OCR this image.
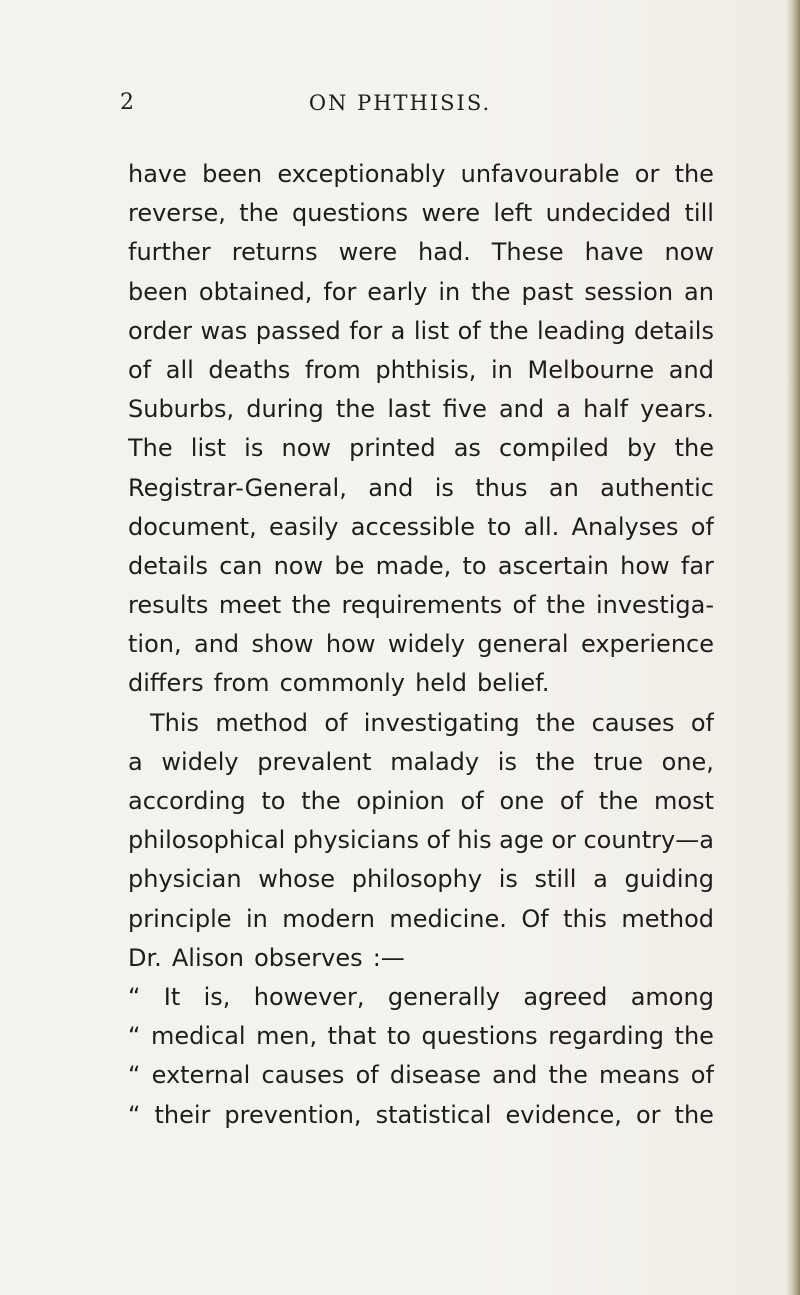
2	ON PHTHISIS.
have been exceptionably unfavourable or the
reverse, the questions were left undecided till
further returns were had. These have now
been obtained, for early in the past session an
order was passed for a list of the leading details
of all deaths from phthisis, in Melbourne and
Suburbs, during the last five and a half years.
The list is now printed as compiled by the
Registrar-General, and is thus an authentic
document, easily accessible to all. Analyses of
details can now be made, to ascertain how far
results meet the requirements of the investiga-
tion, and show how widely general experience
differs from commonly held belief.
This method of investigating the causes of
a widely prevalent malady is the true one,
according to the opinion of one of the most
philosophical physicians of his age or country—a
physician whose philosophy is still a guiding
principle in modern medicine. Of this method
Dr. Alison observes :—
“ It is, however, generally agreed among
“ medical men, that to questions regarding the
“ external causes of disease and the means of
“ their prevention, statistical evidence, or the
